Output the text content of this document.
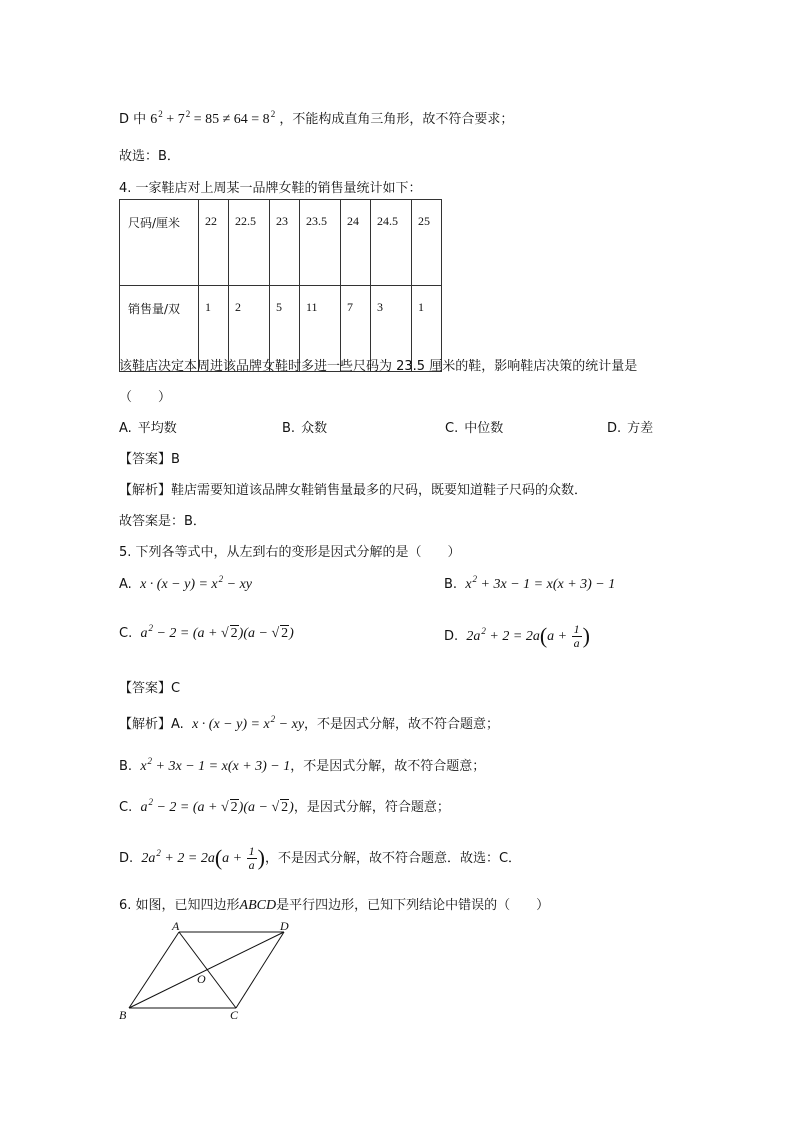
D 中 $6^2 + 7^2 = 85 \ne 64 = 8^2$ ，不能构成直角三角形，故不符合要求；
故选：B．
4. 一家鞋店对上周某一品牌女鞋的销售量统计如下：
尺码/厘米	22	22.5	23	23.5	24	24.5	25
销售量/双	1	2	5	11	7	3	1
该鞋店决定本周进该品牌女鞋时多进一些尺码为 23.5 厘米的鞋，影响鞋店决策的统计量是
（　　）
A. 平均数	B. 众数	C. 中位数	D. 方差
【答案】B
【解析】鞋店需要知道该品牌女鞋销售量最多的尺码，既要知道鞋子尺码的众数．
故答案是：B．
5. 下列各等式中，从左到右的变形是因式分解的是（　　）
A. $x \cdot (x - y) = x^2$ − xy	B. $x^2 + 3x - 1 = x(x + 3) - 1$
C. $a^2 - 2 = (a$ + √ 2)(a − √ 2)	D. $2a^2 + 2 = 2a(a + \frac{1}{a}$ )
【答案】C
【解析】A. $x \cdot (x - y) = x^2$ − xy，不是因式分解，故不符合题意；
B. $x^2 + 3x - 1 = x(x + 3) - 1$，不是因式分解，故不符合题意；
C. $a^2 - 2 = (a$ + √ 2)(a − √ 2)，是因式分解，符合题意；
D. $2a^2 + 2 = 2a(a + \frac{1}{a}$ )，不是因式分解，故不符合题意．故选：C．
6. 如图，已知四边形ABCD是平行四边形，已知下列结论中错误的（　　）
A	D
B	C
O
